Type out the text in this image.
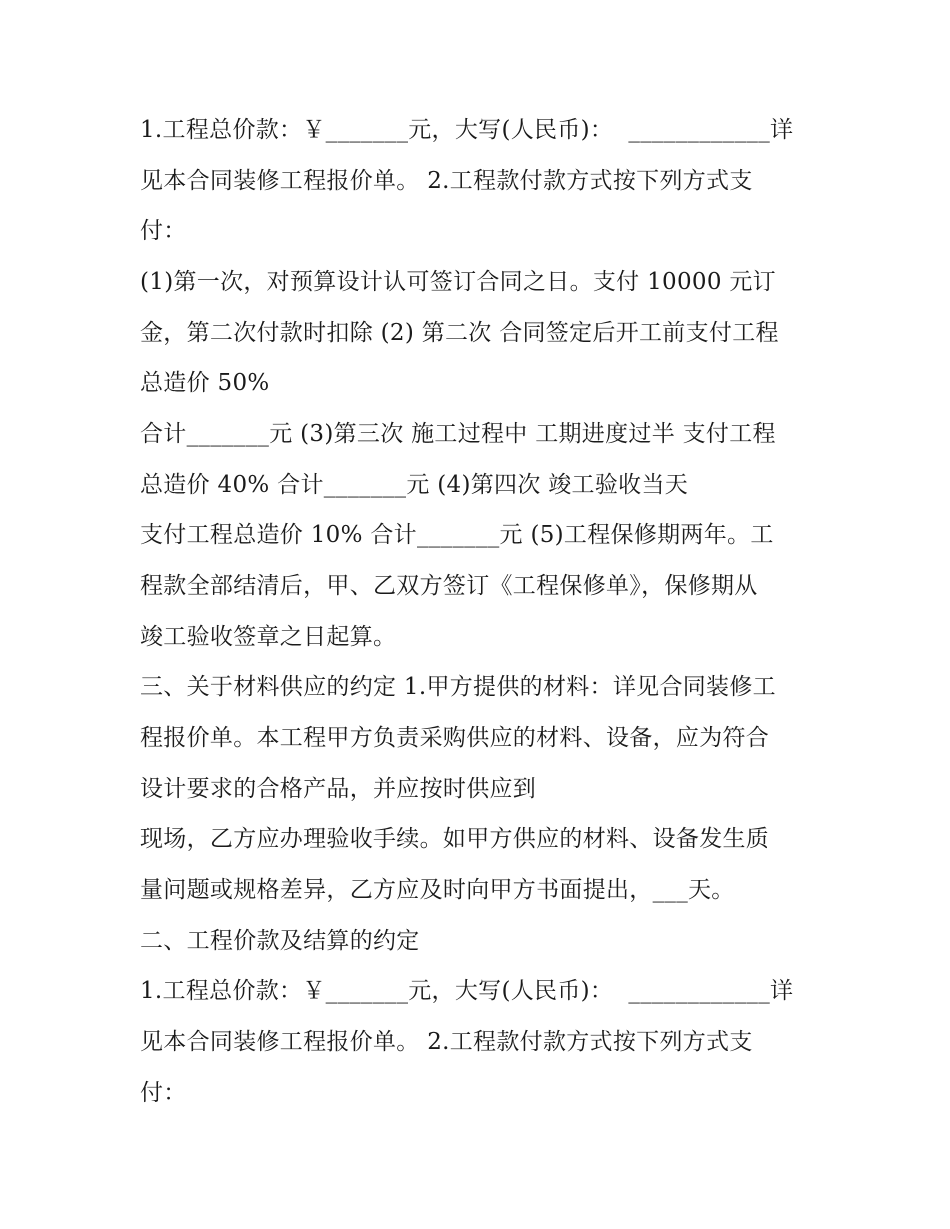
1.工程总价款：￥_______元，大写(人民币)：  ____________详
见本合同装修工程报价单。 2.工程款付款方式按下列方式支
付：
(1)第一次，对预算设计认可签订合同之日。支付 10000 元订
金，第二次付款时扣除 (2) 第二次 合同签定后开工前支付工程
总造价 50%
合计_______元 (3)第三次 施工过程中 工期进度过半 支付工程
总造价 40% 合计_______元 (4)第四次 竣工验收当天
支付工程总造价 10% 合计_______元 (5)工程保修期两年。工
程款全部结清后，甲、乙双方签订《工程保修单》，保修期从
竣工验收签章之日起算。
三、关于材料供应的约定 1.甲方提供的材料：详见合同装修工
程报价单。本工程甲方负责采购供应的材料、设备，应为符合
设计要求的合格产品，并应按时供应到
现场，乙方应办理验收手续。如甲方供应的材料、设备发生质
量问题或规格差异，乙方应及时向甲方书面提出，___天。
二、工程价款及结算的约定
1.工程总价款：￥_______元，大写(人民币)：  ____________详
见本合同装修工程报价单。 2.工程款付款方式按下列方式支
付：
